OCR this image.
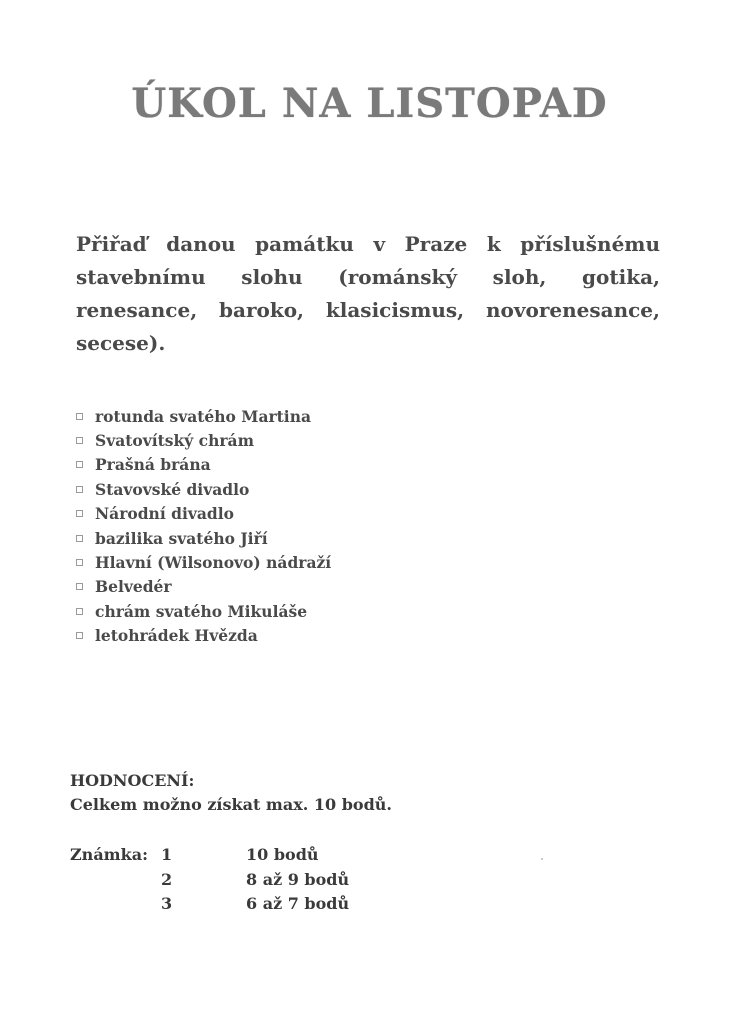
ÚKOL NA LISTOPAD

Přiřaď danou památku v Praze k příslušnému stavebnímu slohu (románský sloh, gotika, renesance, baroko, klasicismus, novorenesance, secese).

rotunda svatého Martina
Svatovítský chrám
Prašná brána
Stavovské divadlo
Národní divadlo
bazilika svatého Jiří
Hlavní (Wilsonovo) nádraží
Belvedér
chrám svatého Mikuláše
letohrádek Hvězda

HODNOCENÍ:

Celkem možno získat max. 10 bodů.

Známka: 1	10 bodů
2	8 až 9 bodů
3	6 až 7 bodů
